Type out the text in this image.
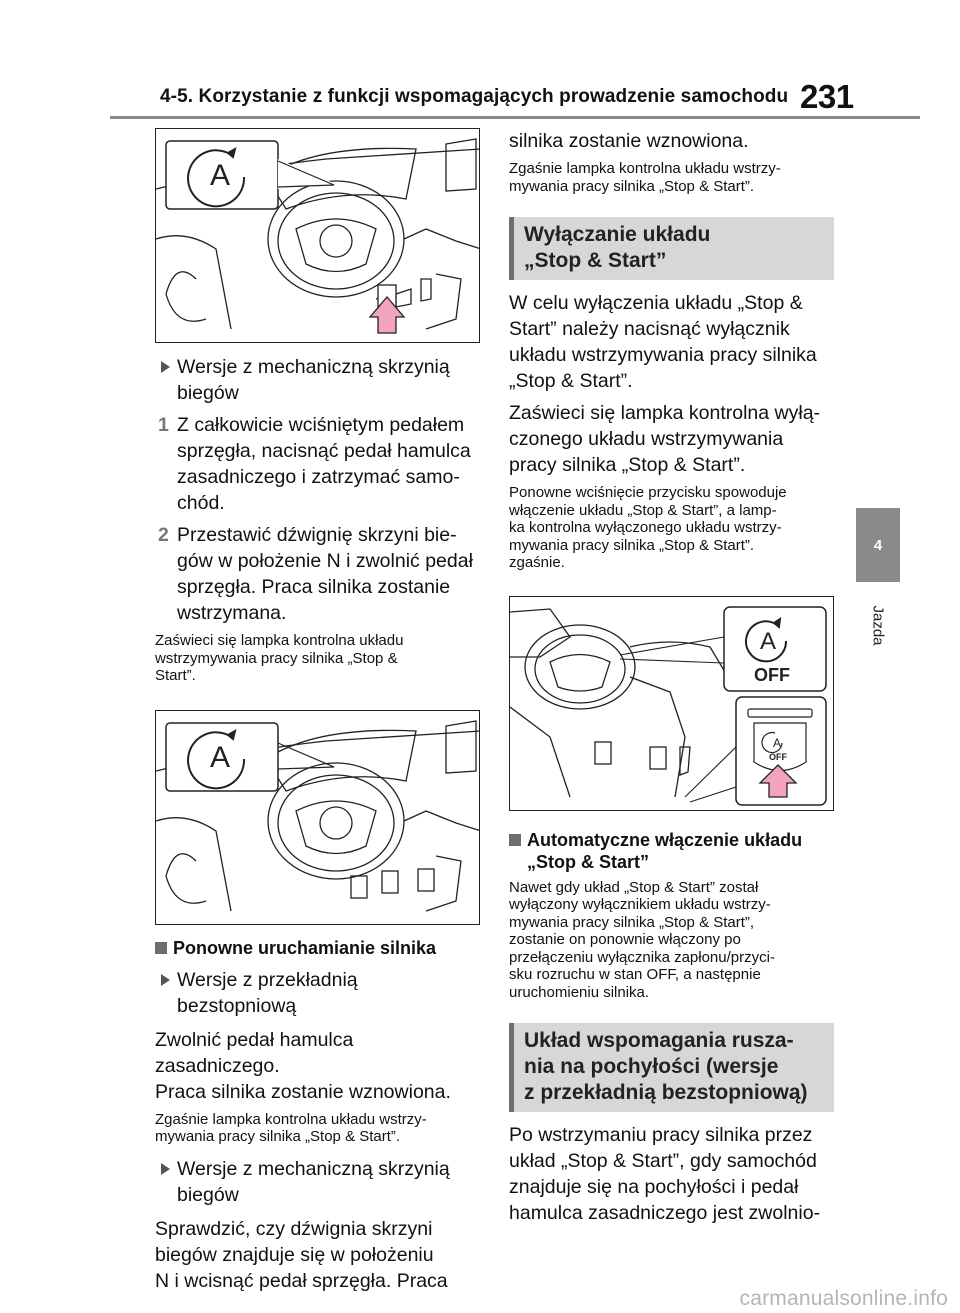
4-5. Korzystanie z funkcji wspomagających prowadzenie samochodu 231
4
Jazda
A
Wersje z mechaniczną skrzynią
biegów
1 Z całkowicie wciśniętym pedałem
sprzęgła, nacisnąć pedał hamulca
zasadniczego i zatrzymać samo-
chód.
2 Przestawić dźwignię skrzyni bie-
gów w położenie N i zwolnić pedał
sprzęgła. Praca silnika zostanie
wstrzymana.
Zaświeci się lampka kontrolna układu
wstrzymywania pracy silnika „Stop &
Start”.
A
Ponowne uruchamianie silnika
Wersje z przekładnią bezstopniową
Zwolnić pedał hamulca zasadniczego.
Praca silnika zostanie wznowiona.
Zgaśnie lampka kontrolna układu wstrzy-
mywania pracy silnika „Stop & Start”.
Wersje z mechaniczną skrzynią
biegów
Sprawdzić, czy dźwignia skrzyni
biegów znajduje się w położeniu
N i wcisnąć pedał sprzęgła. Praca
silnika zostanie wznowiona.
Zgaśnie lampka kontrolna układu wstrzy-
mywania pracy silnika „Stop & Start”.
Wyłączanie układu
„Stop & Start”
W celu wyłączenia układu „Stop &
Start” należy nacisnąć wyłącznik
układu wstrzymywania pracy silnika
„Stop & Start”.
Zaświeci się lampka kontrolna wyłą-
czonego układu wstrzymywania
pracy silnika „Stop & Start”.
Ponowne wciśnięcie przycisku spowoduje
włączenie układu „Stop & Start”, a lamp-
ka kontrolna wyłączonego układu wstrzy-
mywania pracy silnika „Stop & Start”.
zgaśnie.
A
OFF
A
OFF
Automatyczne włączenie układu
„Stop & Start”
Nawet gdy układ „Stop & Start” został
wyłączony wyłącznikiem układu wstrzy-
mywania pracy silnika „Stop & Start”,
zostanie on ponownie włączony po
przełączeniu wyłącznika zapłonu/przyci-
sku rozruchu w stan OFF, a następnie
uruchomieniu silnika.
Układ wspomagania rusza-
nia na pochyłości (wersje
z przekładnią bezstopniową)
Po wstrzymaniu pracy silnika przez
układ „Stop & Start”, gdy samochód
znajduje się na pochyłości i pedał
hamulca zasadniczego jest zwolnio-
carmanualsonline.info
